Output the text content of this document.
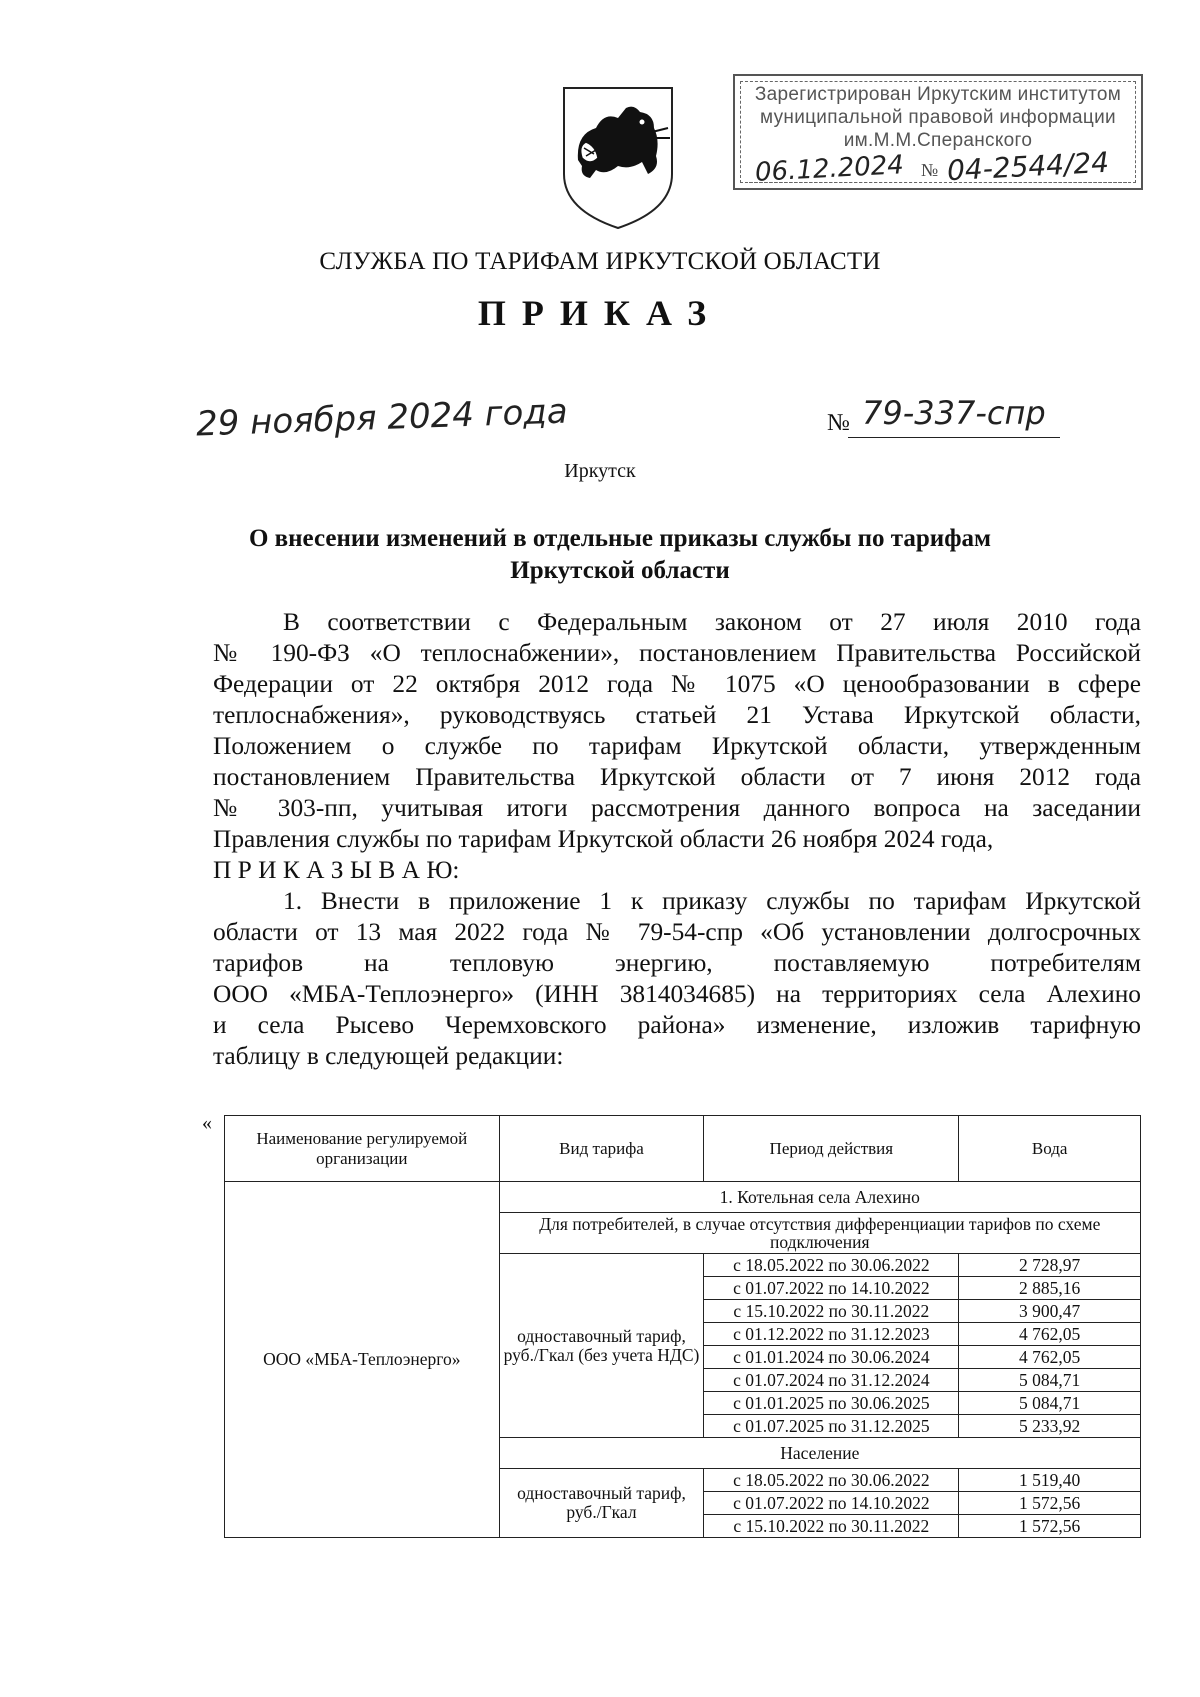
Зарегистрирован Иркутским институтом
муниципальной правовой информации
им.М.М.Сперанского
06.12.2024 № 04-2544/24
СЛУЖБА ПО ТАРИФАМ ИРКУТСКОЙ ОБЛАСТИ
ПРИКАЗ
29 ноября 2024 года	№ 79-337-спр
Иркутск
О внесении изменений в отдельные приказы службы по тарифам
Иркутской области
В соответствии с Федеральным законом от 27 июля 2010 года
№ 190-ФЗ «О теплоснабжении», постановлением Правительства Российской
Федерации от 22 октября 2012 года № 1075 «О ценообразовании в сфере
теплоснабжения», руководствуясь статьей 21 Устава Иркутской области,
Положением о службе по тарифам Иркутской области, утвержденным
постановлением Правительства Иркутской области от 7 июня 2012 года
№ 303-пп, учитывая итоги рассмотрения данного вопроса на заседании
Правления службы по тарифам Иркутской области 26 ноября 2024 года,
П Р И К А З Ы В А Ю:
1. Внести в приложение 1 к приказу службы по тарифам Иркутской
области от 13 мая 2022 года № 79-54-спр «Об установлении долгосрочных
тарифов на тепловую энергию, поставляемую потребителям
ООО «МБА-Теплоэнерго» (ИНН 3814034685) на территориях села Алехино
и села Рысево Черемховского района» изменение, изложив тарифную
таблицу в следующей редакции:
«
Наименование регулируемой организации	Вид тарифа	Период действия	Вода
ООО «МБА-Теплоэнерго»	1. Котельная села Алехино		
	Для потребителей, в случае отсутствия дифференциации тарифов по схеме подключения		
	одноставочный тариф, руб./Гкал (без учета НДС)	с 18.05.2022 по 30.06.2022	2 728,97
		с 01.07.2022 по 14.10.2022	2 885,16
		с 15.10.2022 по 30.11.2022	3 900,47
		с 01.12.2022 по 31.12.2023	4 762,05
		с 01.01.2024 по 30.06.2024	4 762,05
		с 01.07.2024 по 31.12.2024	5 084,71
		с 01.01.2025 по 30.06.2025	5 084,71
		с 01.07.2025 по 31.12.2025	5 233,92
	Население		
	одноставочный тариф, руб./Гкал	с 18.05.2022 по 30.06.2022	1 519,40
		с 01.07.2022 по 14.10.2022	1 572,56
		с 15.10.2022 по 30.11.2022	1 572,56
